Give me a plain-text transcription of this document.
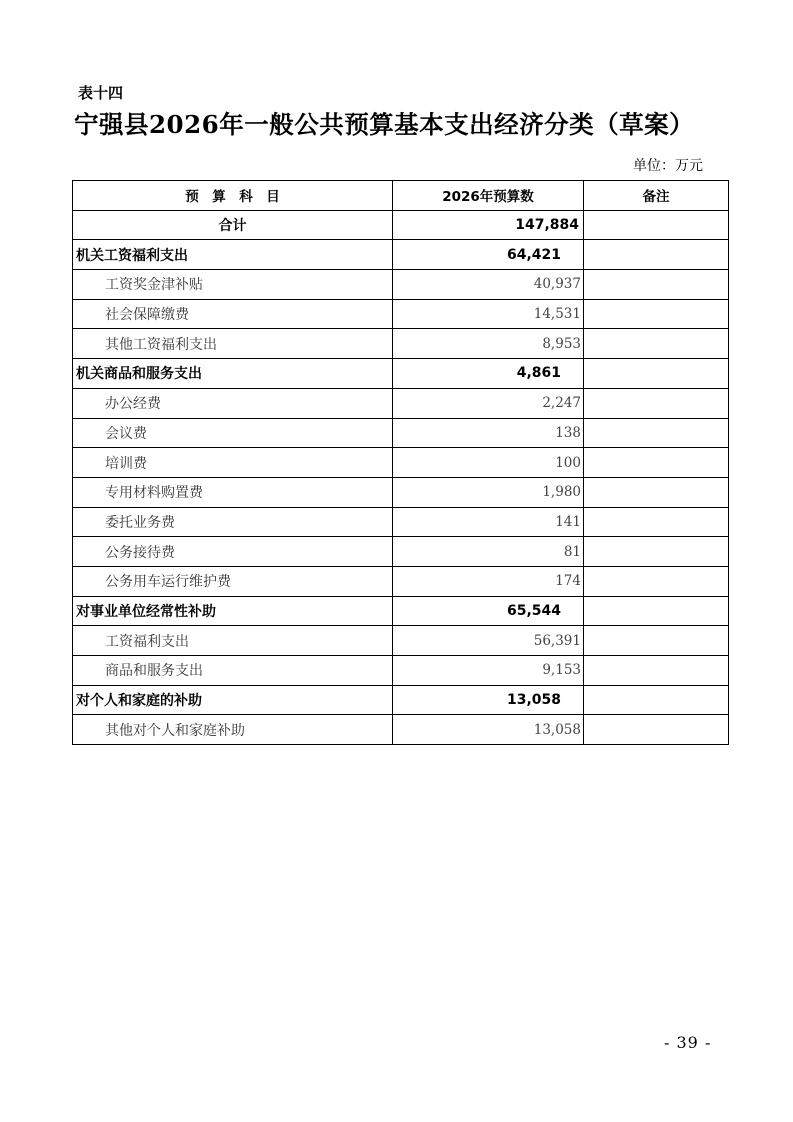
表十四
宁强县2026年一般公共预算基本支出经济分类（草案）
单位：万元
预　算　科　目	2026年预算数	备注
合计	147,884	
机关工资福利支出	64,421	
工资奖金津补贴	40,937	
社会保障缴费	14,531	
其他工资福利支出	8,953	
机关商品和服务支出	4,861	
办公经费	2,247	
会议费	138	
培训费	100	
专用材料购置费	1,980	
委托业务费	141	
公务接待费	81	
公务用车运行维护费	174	
对事业单位经常性补助	65,544	
工资福利支出	56,391	
商品和服务支出	9,153	
对个人和家庭的补助	13,058	
其他对个人和家庭补助	13,058	
- 39 -
